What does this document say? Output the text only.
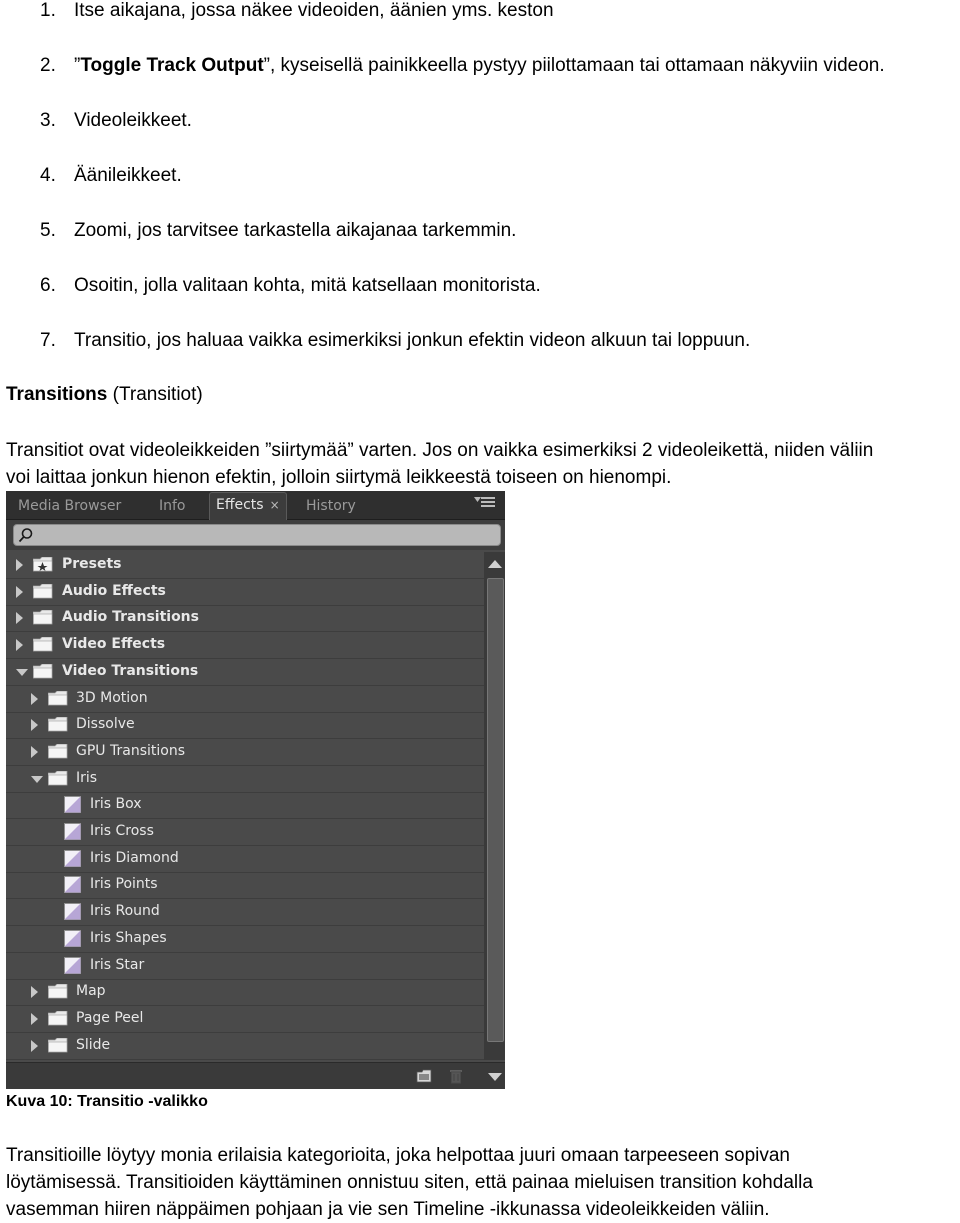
1. Itse aikajana, jossa näkee videoiden, äänien yms. keston
2. ”Toggle Track Output”, kyseisellä painikkeella pystyy piilottamaan tai ottamaan näkyviin videon.
3. Videoleikkeet.
4. Äänileikkeet.
5. Zoomi, jos tarvitsee tarkastella aikajanaa tarkemmin.
6. Osoitin, jolla valitaan kohta, mitä katsellaan monitorista.
7. Transitio, jos haluaa vaikka esimerkiksi jonkun efektin videon alkuun tai loppuun.
Transitions (Transitiot)
Transitiot ovat videoleikkeiden ”siirtymää” varten. Jos on vaikka esimerkiksi 2 videoleikettä, niiden väliin
voi laittaa jonkun hienon efektin, jolloin siirtymä leikkeestä toiseen on hienompi.
Media Browser	Info	Effects ×	History
Presets
Audio Effects
Audio Transitions
Video Effects
Video Transitions
3D Motion
Dissolve
GPU Transitions
Iris
Iris Box
Iris Cross
Iris Diamond
Iris Points
Iris Round
Iris Shapes
Iris Star
Map
Page Peel
Slide
Kuva 10: Transitio -valikko
Transitioille löytyy monia erilaisia kategorioita, joka helpottaa juuri omaan tarpeeseen sopivan
löytämisessä. Transitioiden käyttäminen onnistuu siten, että painaa mieluisen transition kohdalla
vasemman hiiren näppäimen pohjaan ja vie sen Timeline -ikkunassa videoleikkeiden väliin.
